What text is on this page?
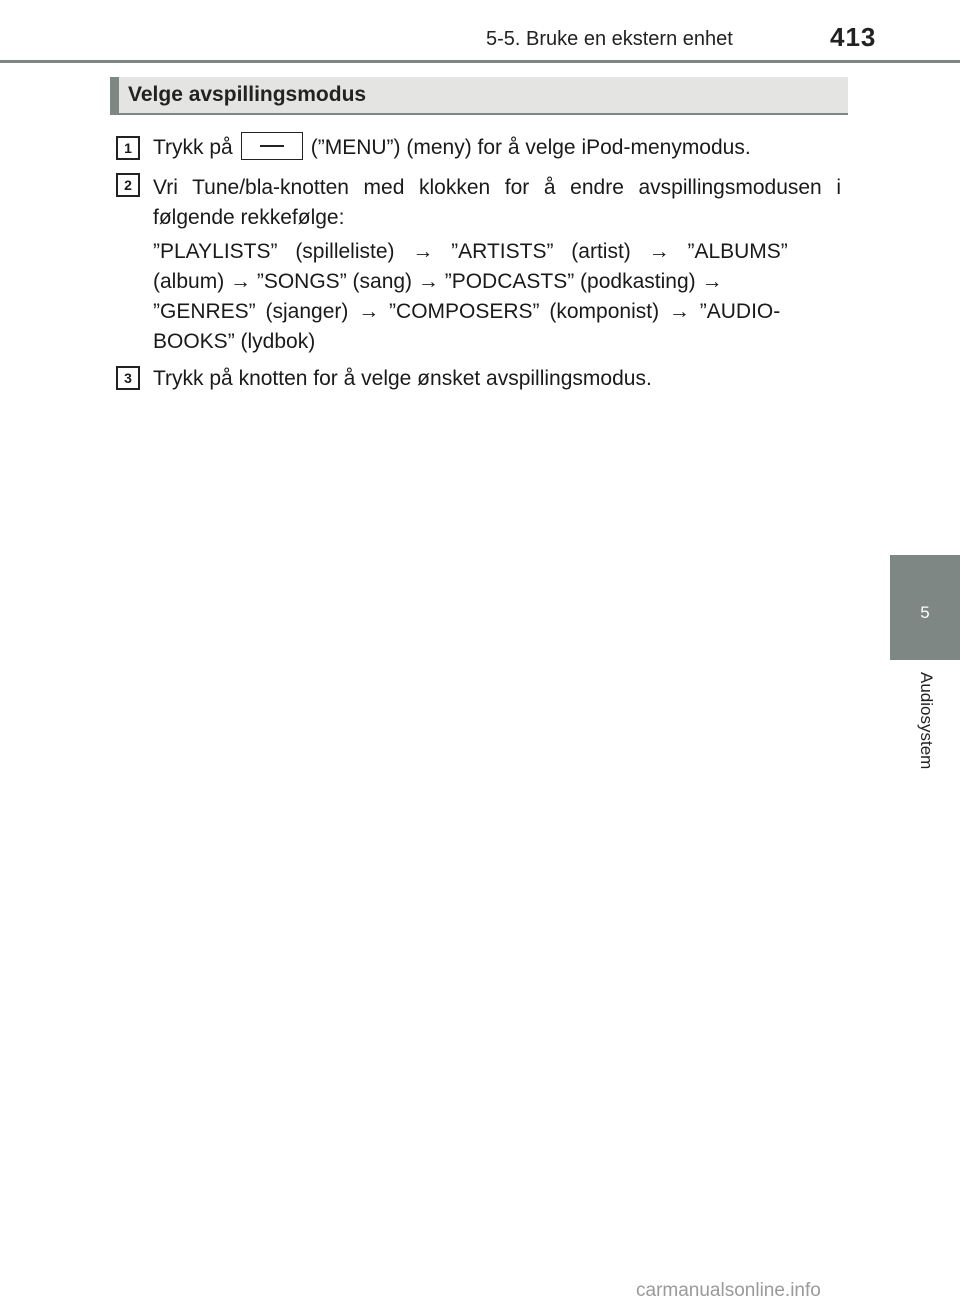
5-5. Bruke en ekstern enhet	413
5
Audiosystem
Velge avspillingsmodus
1	Trykk på	(”MENU”) (meny) for å velge iPod-menymodus.
2	Vri Tune/bla-knotten med klokken for å endre avspillingsmodusen i følgende rekkefølge:
”PLAYLISTS” (spilleliste) → ”ARTISTS” (artist) → ”ALBUMS”
(album) → ”SONGS” (sang) → ”PODCASTS” (podkasting) →
”GENRES” (sjanger) → ”COMPOSERS” (komponist) → ”AUDIO-
BOOKS” (lydbok)
3	Trykk på knotten for å velge ønsket avspillingsmodus.
carmanualsonline.info
